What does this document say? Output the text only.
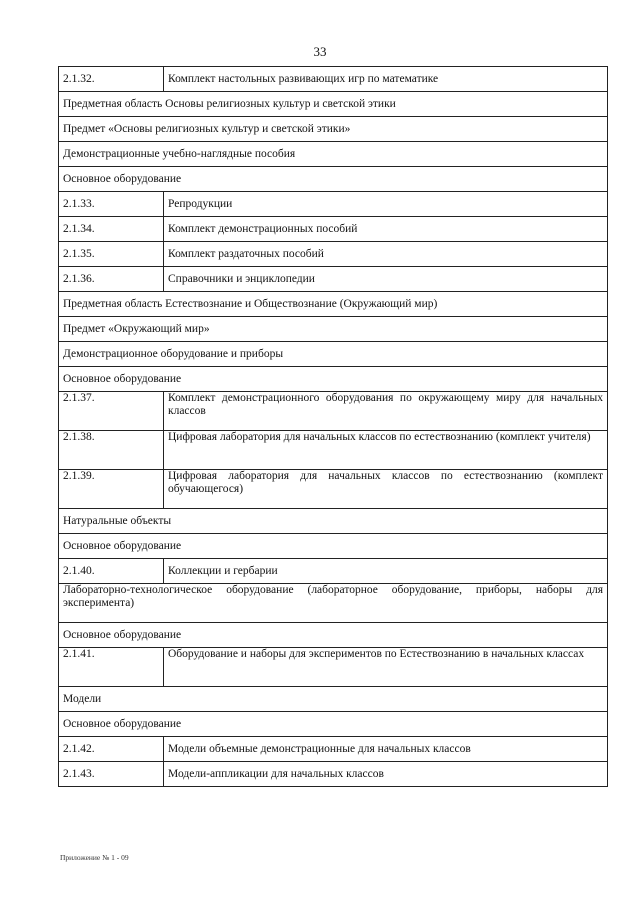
33
2.1.32.	Комплект настольных развивающих игр по математике
Предметная область Основы религиозных культур и светской этики	
Предмет «Основы религиозных культур и светской этики»	
Демонстрационные учебно-наглядные пособия	
Основное оборудование	
2.1.33.	Репродукции
2.1.34.	Комплект демонстрационных пособий
2.1.35.	Комплект раздаточных пособий
2.1.36.	Справочники и энциклопедии
Предметная область Естествознание и Обществознание (Окружающий мир)	
Предмет «Окружающий мир»	
Демонстрационное оборудование и приборы	
Основное оборудование	
2.1.37.	Комплект демонстрационного оборудования по окружающему миру для начальных классов
2.1.38.	Цифровая лаборатория для начальных классов по естествознанию (комплект учителя)
2.1.39.	Цифровая лаборатория для начальных классов по естествознанию (комплект обучающегося)
Натуральные объекты	
Основное оборудование	
2.1.40.	Коллекции и гербарии
Лабораторно-технологическое оборудование (лабораторное оборудование, приборы, наборы для эксперимента)	
Основное оборудование	
2.1.41.	Оборудование и наборы для экспериментов по Естествознанию в начальных классах
Модели	
Основное оборудование	
2.1.42.	Модели объемные демонстрационные для начальных классов
2.1.43.	Модели-аппликации для начальных классов
Приложение № 1 - 09
